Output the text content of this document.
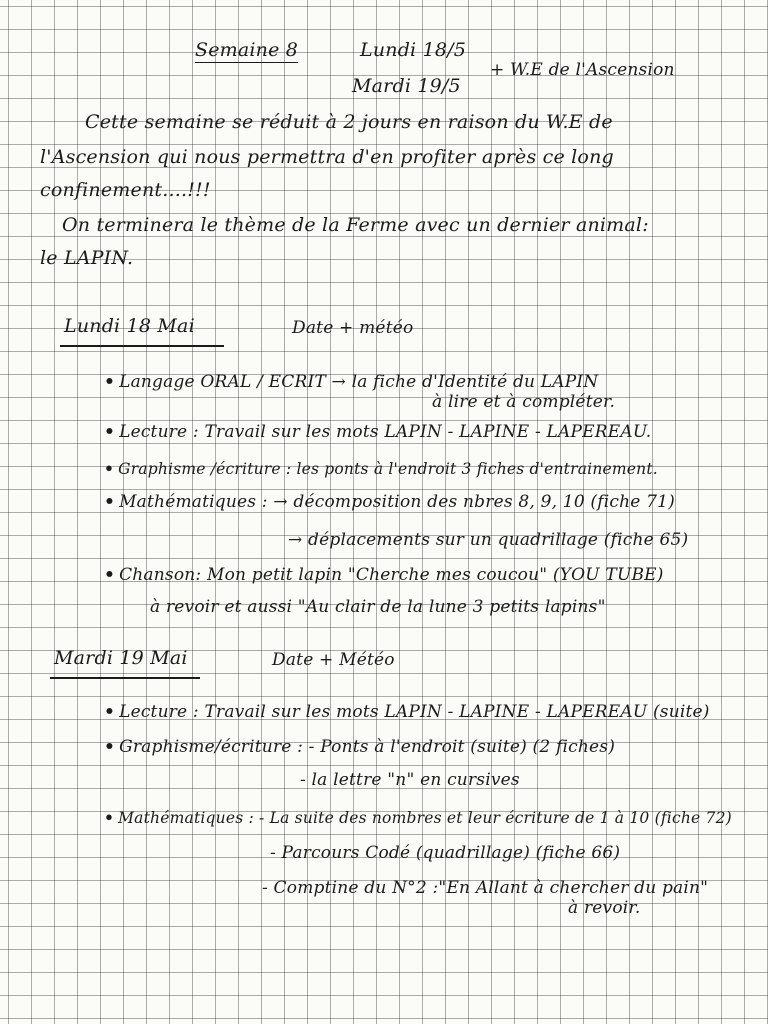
Semaine 8	Lundi 18/5

Mardi 19/5

+ W.E de l'Ascension

Cette semaine se réduit à 2 jours en raison du W.E de

l'Ascension qui nous permettra d'en profiter après ce long

confinement....!!!

On terminera le thème de la Ferme avec un dernier animal:

le LAPIN.

Lundi 18 Mai	Date + météo

• Langage ORAL / ECRIT → la fiche d'Identité du LAPIN

à lire et à compléter.

• Lecture : Travail sur les mots LAPIN - LAPINE - LAPEREAU.

• Graphisme /écriture : les ponts à l'endroit 3 fiches d'entrainement.

• Mathématiques : → décomposition des nbres 8, 9, 10 (fiche 71)

→ déplacements sur un quadrillage (fiche 65)

• Chanson: Mon petit lapin "Cherche mes coucou" (YOU TUBE)

à revoir et aussi "Au clair de la lune 3 petits lapins"

Mardi 19 Mai	Date + Météo

• Lecture : Travail sur les mots LAPIN - LAPINE - LAPEREAU (suite)

• Graphisme/écriture : - Ponts à l'endroit (suite) (2 fiches)

- la lettre "n" en cursives

• Mathématiques : - La suite des nombres et leur écriture de 1 à 10 (fiche 72)

- Parcours Codé (quadrillage) (fiche 66)

- Comptine du N°2 :"En Allant à chercher du pain"

à revoir.
